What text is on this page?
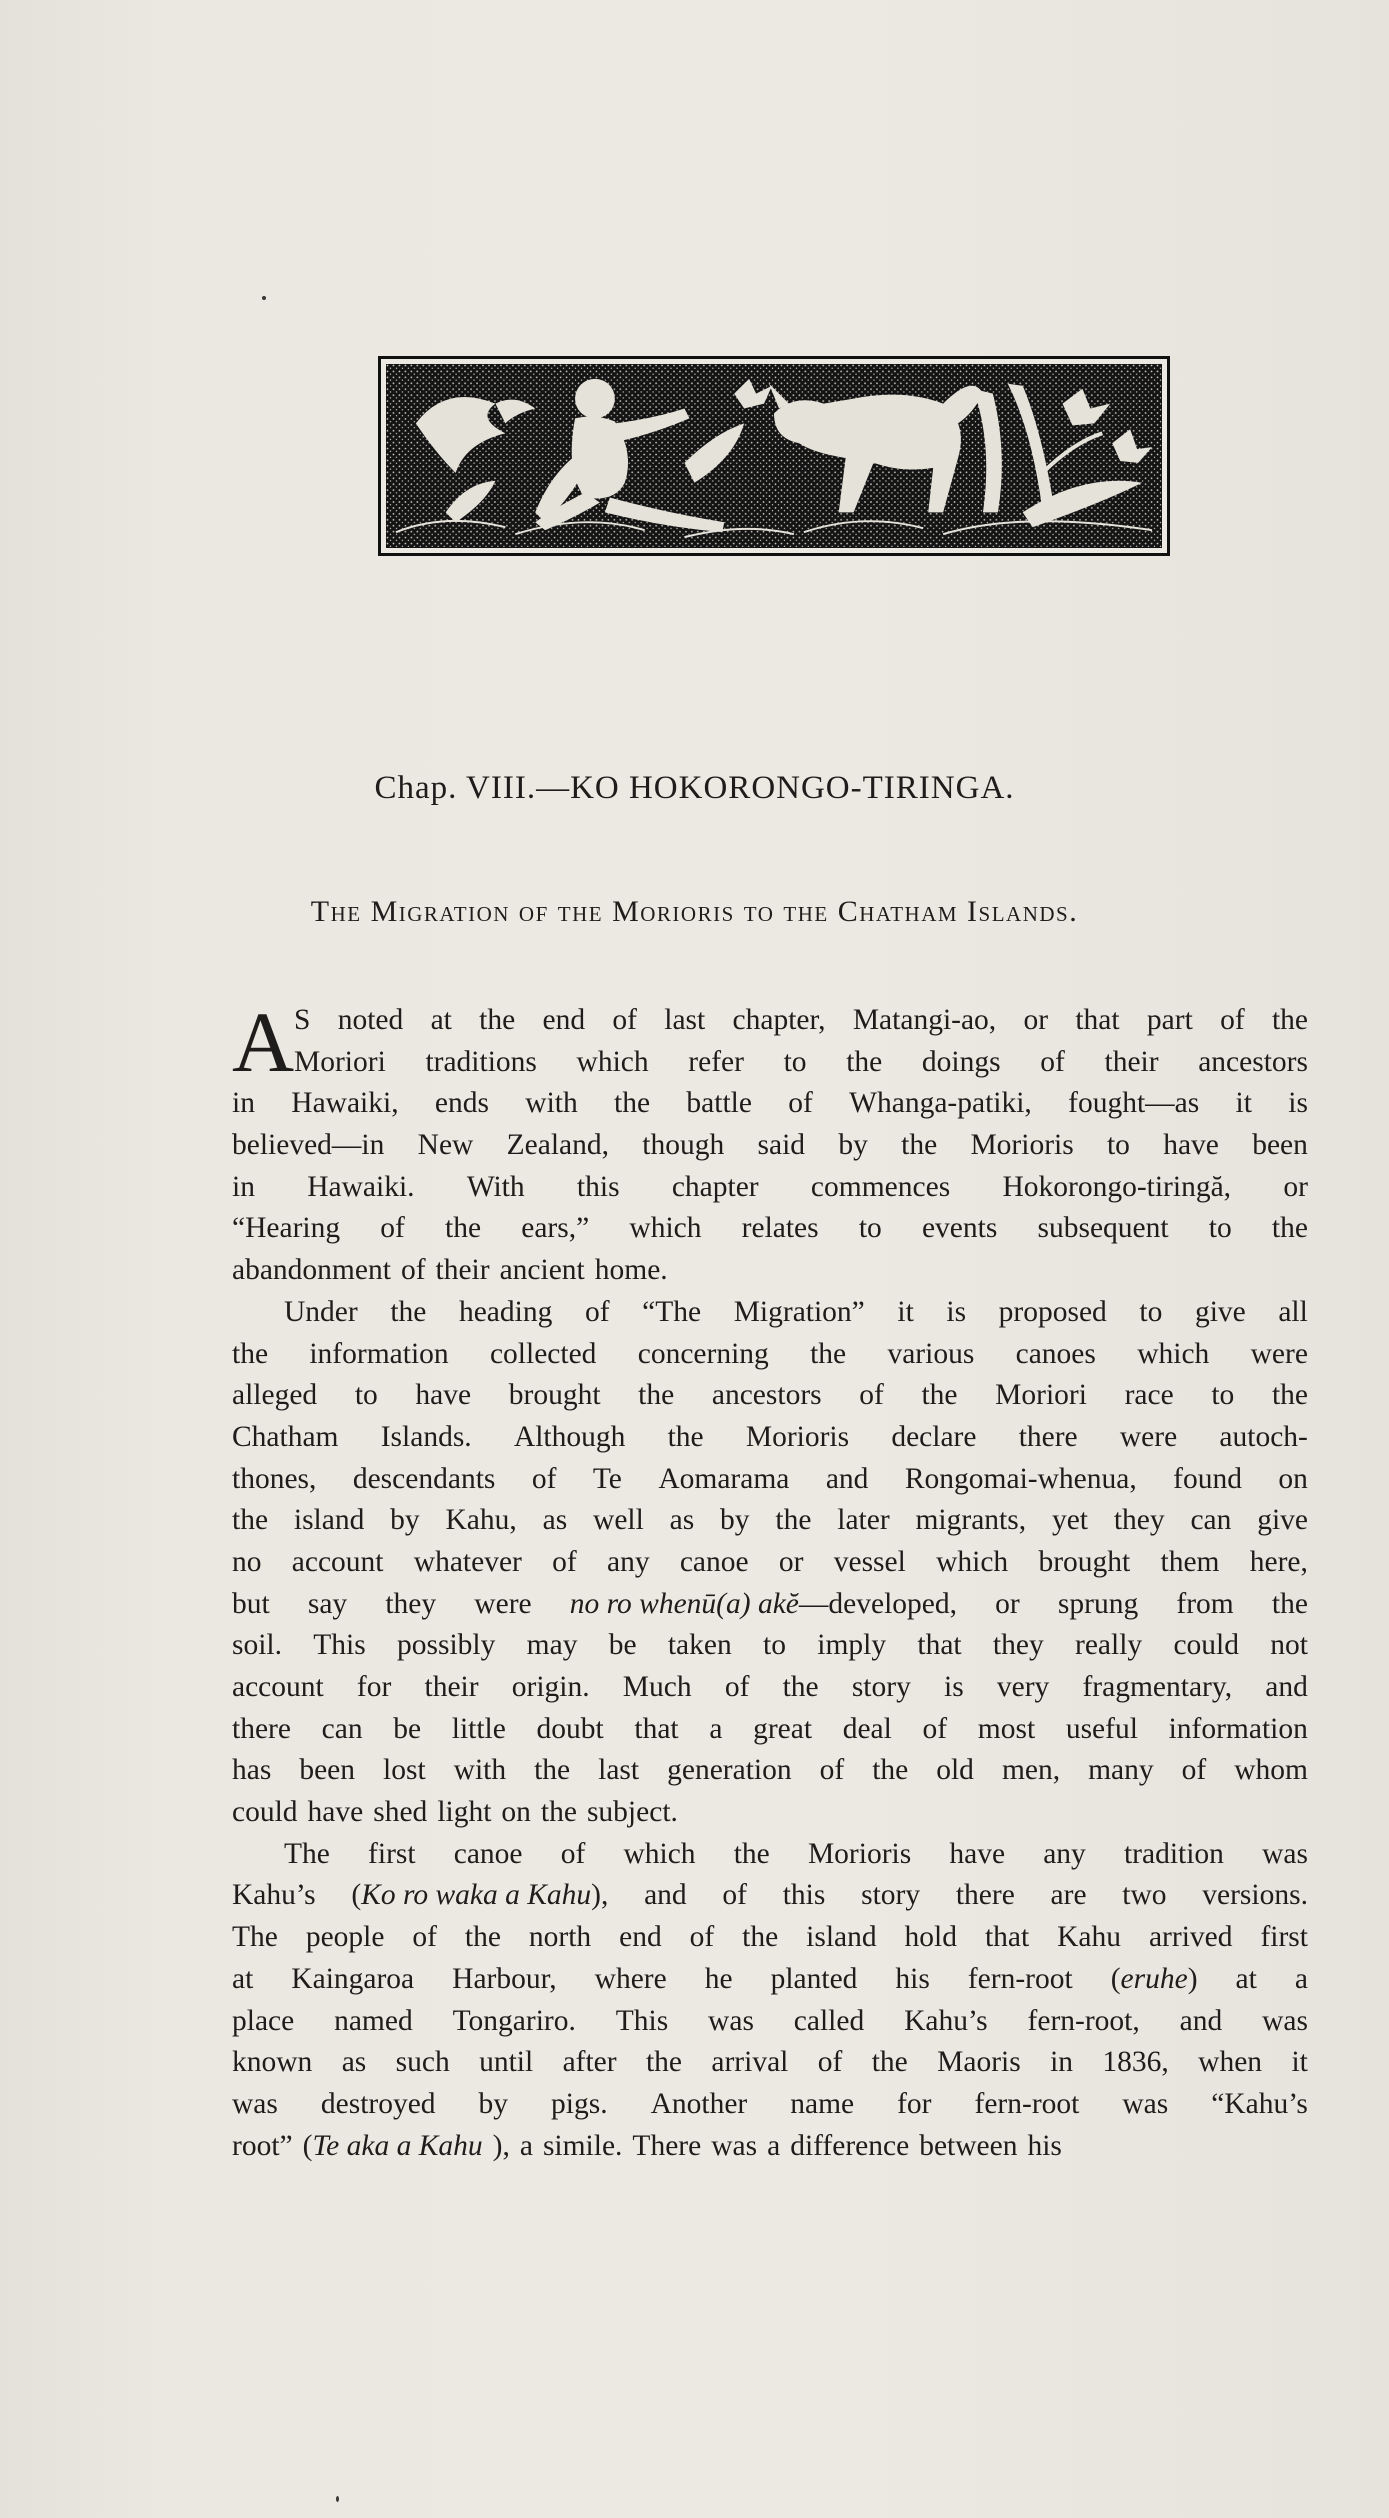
Chap. VIII.—KO HOKORONGO-TIRINGA.
The Migration of the Morioris to the Chatham Islands.
A S noted at the end of last chapter, Matangi-ao, or that part of the
Moriori traditions which refer to the doings of their ancestors
in Hawaiki, ends with the battle of Whanga-patiki, fought—as it is
believed—in New Zealand, though said by the Morioris to have been
in Hawaiki. With this chapter commences Hokorongo-tiringă, or
“Hearing of the ears,” which relates to events subsequent to the
abandonment of their ancient home.
Under the heading of “The Migration” it is proposed to give all
the information collected concerning the various canoes which were
alleged to have brought the ancestors of the Moriori race to the
Chatham Islands. Although the Morioris declare there were autoch-
thones, descendants of Te Aomarama and Rongomai-whenua, found on
the island by Kahu, as well as by the later migrants, yet they can give
no account whatever of any canoe or vessel which brought them here,
but say they were no ro whenū(a) akĕ—developed, or sprung from the
soil. This possibly may be taken to imply that they really could not
account for their origin. Much of the story is very fragmentary, and
there can be little doubt that a great deal of most useful information
has been lost with the last generation of the old men, many of whom
could have shed light on the subject.
The first canoe of which the Morioris have any tradition was
Kahu’s (Ko ro waka a Kahu), and of this story there are two versions.
The people of the north end of the island hold that Kahu arrived first
at Kaingaroa Harbour, where he planted his fern-root (eruhe) at a
place named Tongariro. This was called Kahu’s fern-root, and was
known as such until after the arrival of the Maoris in 1836, when it
was destroyed by pigs. Another name for fern-root was “Kahu’s
root” (Te aka a Kahu ), a simile. There was a difference between his
